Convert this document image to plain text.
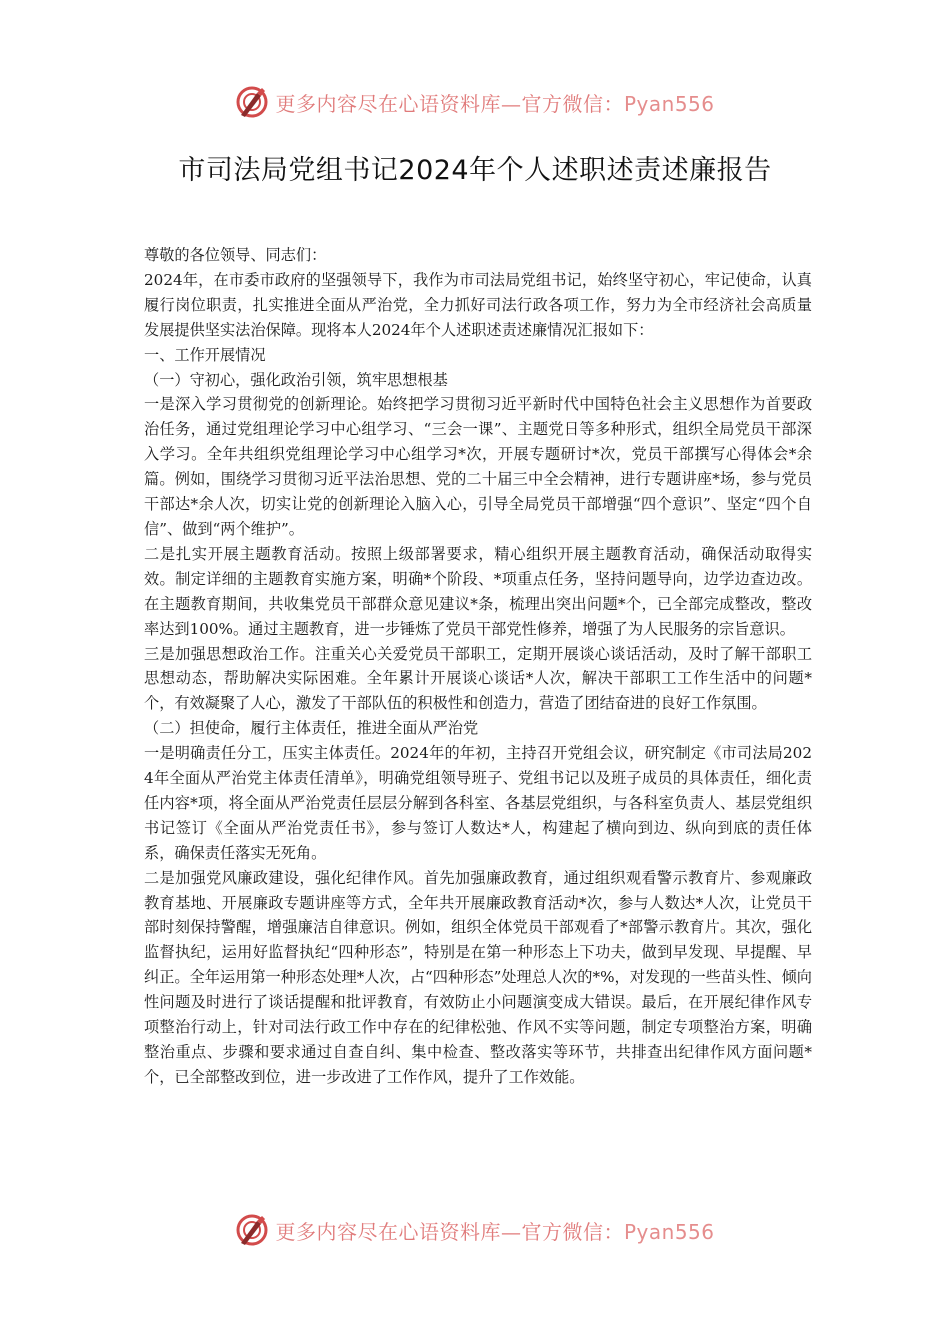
更多内容尽在心语资料库—官方微信：Pyan556
市司法局党组书记2024年个人述职述责述廉报告

尊敬的各位领导、同志们：

2024年，在市委市政府的坚强领导下，我作为市司法局党组书记，始终坚守初心，牢记使命，认真履行岗位职责，扎实推进全面从严治党，全力抓好司法行政各项工作，努力为全市经济社会高质量发展提供坚实法治保障。现将本人2024年个人述职述责述廉情况汇报如下：

一、工作开展情况

（一）守初心，强化政治引领，筑牢思想根基

一是深入学习贯彻党的创新理论。始终把学习贯彻习近平新时代中国特色社会主义思想作为首要政治任务，通过党组理论学习中心组学习、“三会一课”、主题党日等多种形式，组织全局党员干部深入学习。全年共组织党组理论学习中心组学习*次，开展专题研讨*次，党员干部撰写心得体会*余篇。例如，围绕学习贯彻习近平法治思想、党的二十届三中全会精神，进行专题讲座*场，参与党员干部达*余人次，切实让党的创新理论入脑入心，引导全局党员干部增强“四个意识”、坚定“四个自信”、做到“两个维护”。

二是扎实开展主题教育活动。按照上级部署要求，精心组织开展主题教育活动，确保活动取得实效。制定详细的主题教育实施方案，明确*个阶段、*项重点任务，坚持问题导向，边学边查边改。在主题教育期间，共收集党员干部群众意见建议*条，梳理出突出问题*个，已全部完成整改，整改率达到100%。通过主题教育，进一步锤炼了党员干部党性修养，增强了为人民服务的宗旨意识。

三是加强思想政治工作。注重关心关爱党员干部职工，定期开展谈心谈话活动，及时了解干部职工思想动态，帮助解决实际困难。全年累计开展谈心谈话*人次，解决干部职工工作生活中的问题*个，有效凝聚了人心，激发了干部队伍的积极性和创造力，营造了团结奋进的良好工作氛围。

（二）担使命，履行主体责任，推进全面从严治党

一是明确责任分工，压实主体责任。2024年的年初，主持召开党组会议，研究制定《市司法局2024年全面从严治党主体责任清单》，明确党组领导班子、党组书记以及班子成员的具体责任，细化责任内容*项，将全面从严治党责任层层分解到各科室、各基层党组织，与各科室负责人、基层党组织书记签订《全面从严治党责任书》，参与签订人数达*人，构建起了横向到边、纵向到底的责任体系，确保责任落实无死角。

二是加强党风廉政建设，强化纪律作风。首先加强廉政教育，通过组织观看警示教育片、参观廉政教育基地、开展廉政专题讲座等方式，全年共开展廉政教育活动*次，参与人数达*人次，让党员干部时刻保持警醒，增强廉洁自律意识。例如，组织全体党员干部观看了*部警示教育片。其次，强化监督执纪，运用好监督执纪“四种形态”，特别是在第一种形态上下功夫，做到早发现、早提醒、早纠正。全年运用第一种形态处理*人次，占“四种形态”处理总人次的*%，对发现的一些苗头性、倾向性问题及时进行了谈话提醒和批评教育，有效防止小问题演变成大错误。最后，在开展纪律作风专项整治行动上，针对司法行政工作中存在的纪律松弛、作风不实等问题，制定专项整治方案，明确整治重点、步骤和要求通过自查自纠、集中检查、整改落实等环节，共排查出纪律作风方面问题*个，已全部整改到位，进一步改进了工作作风，提升了工作效能。

更多内容尽在心语资料库—官方微信：Pyan556
